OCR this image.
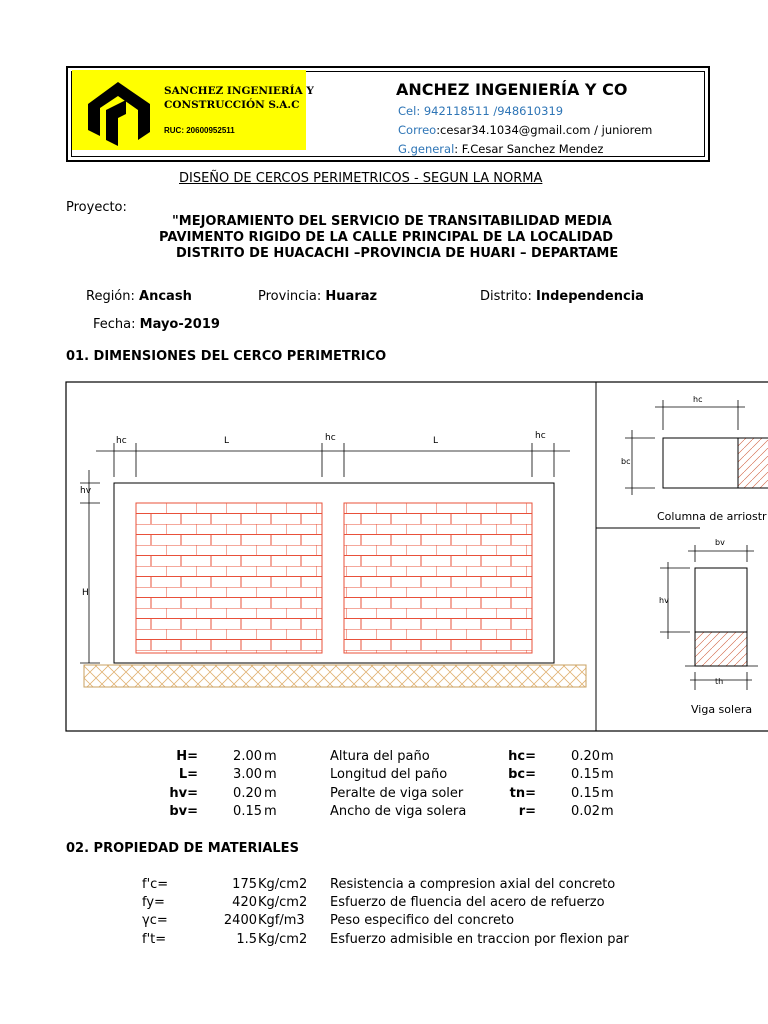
SANCHEZ INGENIERÍA Y
CONSTRUCCIÓN S.A.C
RUC: 20600952511
ANCHEZ INGENIERÍA Y CO
Cel: 942118511 /948610319
Correo:cesar34.1034@gmail.com / juniorem
G.general: F.Cesar Sanchez Mendez
DISEÑO DE CERCOS PERIMETRICOS - SEGUN LA NORMA
Proyecto:
"MEJORAMIENTO DEL SERVICIO DE TRANSITABILIDAD MEDIA
PAVIMENTO RIGIDO DE LA CALLE PRINCIPAL DE LA LOCALIDAD
DISTRITO DE HUACACHI –PROVINCIA DE HUARI – DEPARTAME
Región: Ancash	Provincia: Huaraz	Distrito: Independencia
Fecha: Mayo-2019
01. DIMENSIONES DEL CERCO PERIMETRICO
hc	L	hc	L	hc
hv
H
hc
bc
Columna de arriostr
bv
hv
th
Viga solera
H=	2.00 m	Altura del paño	hc=	0.20 m
L=	3.00 m	Longitud del paño	bc=	0.15 m
hv=	0.20 m	Peralte de viga soler	tn=	0.15 m
bv=	0.15 m	Ancho de viga solera	r=	0.02 m
02. PROPIEDAD DE MATERIALES
f'c=	175 Kg/cm2 Resistencia a compresion axial del concreto
fy=	420 Kg/cm2 Esfuerzo de fluencia del acero de refuerzo
γc=	2400 Kgf/m3 Peso especifico del concreto
f't=	1.5 Kg/cm2 Esfuerzo admisible en traccion por flexion par
